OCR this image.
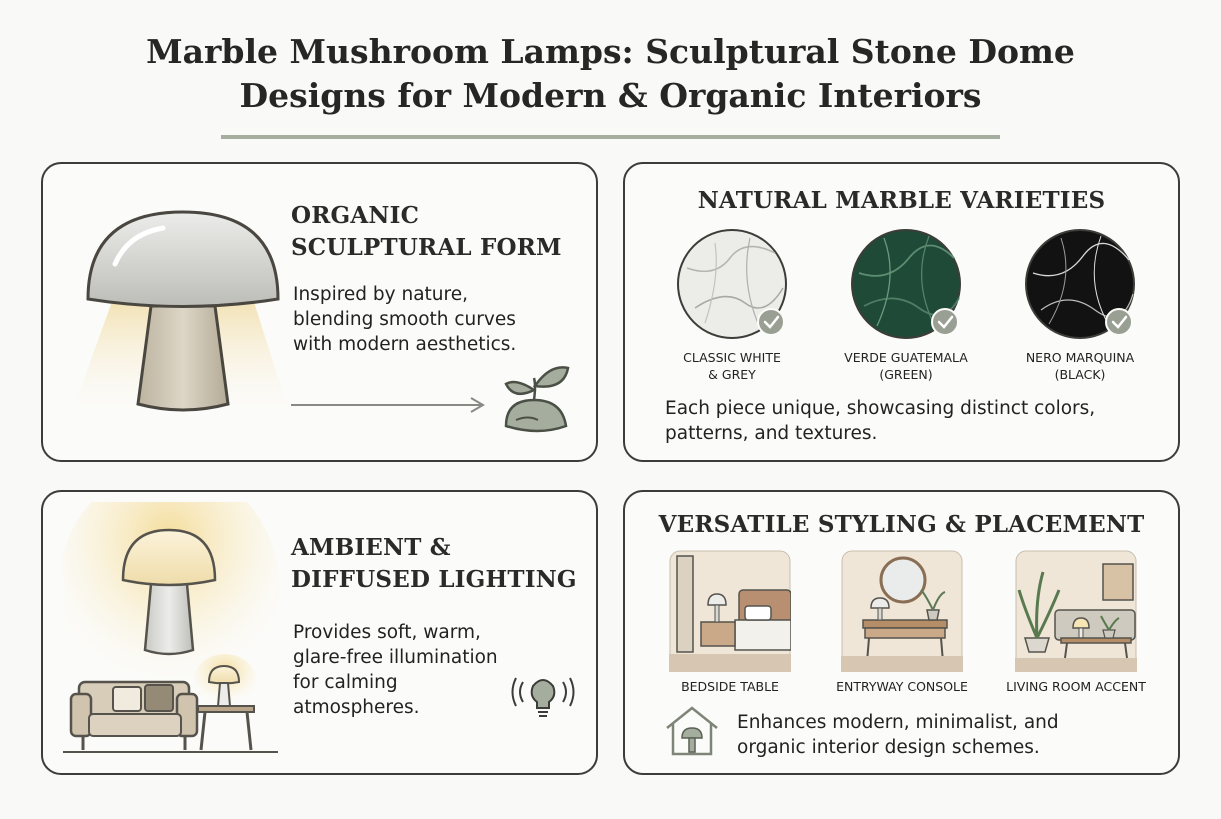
Marble Mushroom Lamps: Sculptural Stone Dome
Designs for Modern & Organic Interiors
ORGANIC
SCULPTURAL FORM
Inspired by nature,
blending smooth curves
with modern aesthetics.
NATURAL MARBLE VARIETIES
CLASSIC WHITE
& GREY
VERDE GUATEMALA
(GREEN)
NERO MARQUINA
(BLACK)
Each piece unique, showcasing distinct colors,
patterns, and textures.
AMBIENT &
DIFFUSED LIGHTING
Provides soft, warm,
glare-free illumination
for calming
atmospheres.
VERSATILE STYLING & PLACEMENT
BEDSIDE TABLE	ENTRYWAY CONSOLE	LIVING ROOM ACCENT
Enhances modern, minimalist, and
organic interior design schemes.
